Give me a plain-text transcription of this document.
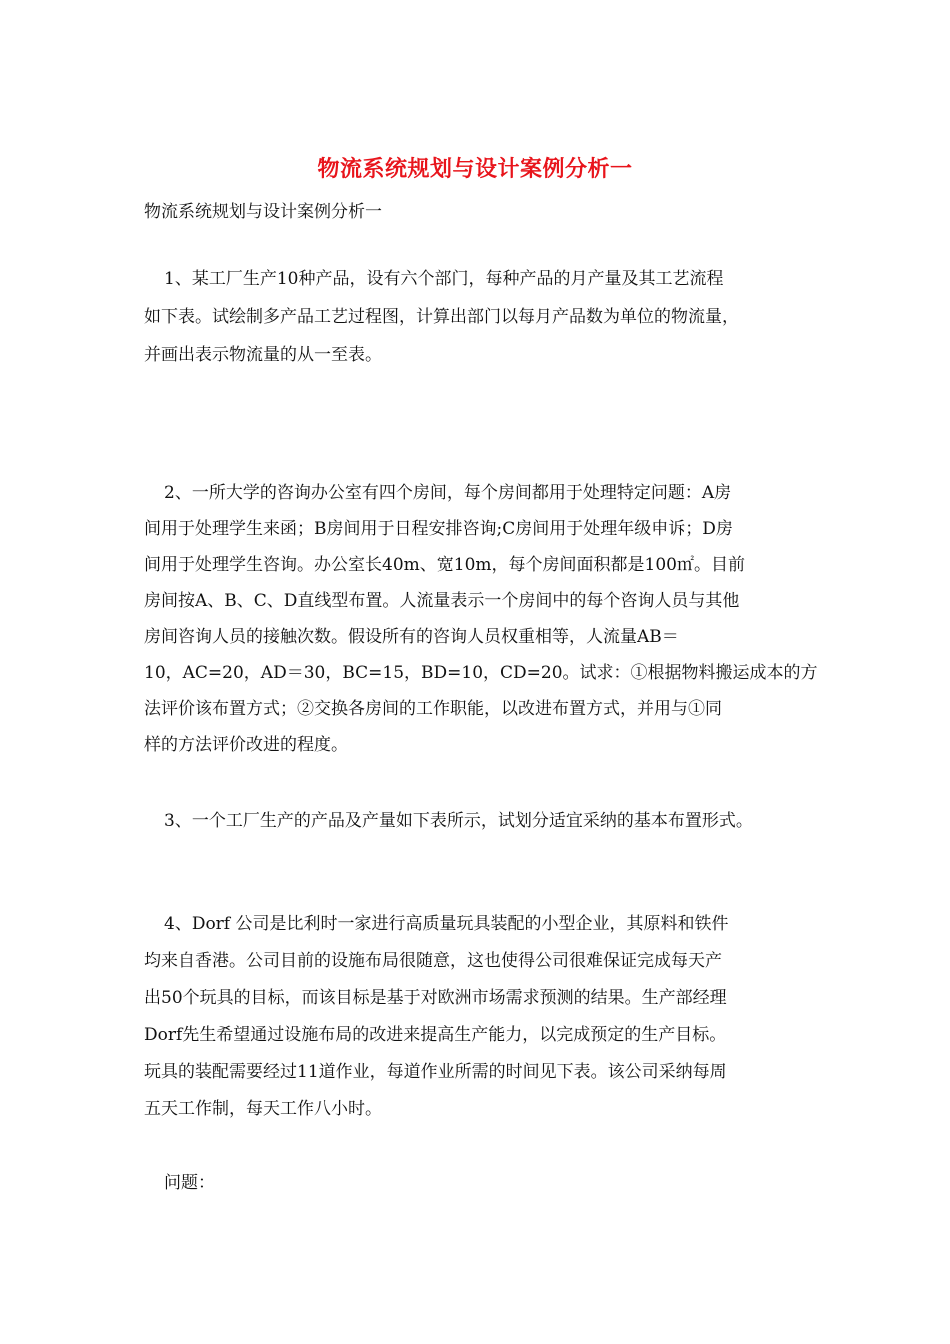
物流系统规划与设计案例分析一
物流系统规划与设计案例分析一
1、某工厂生产10种产品，设有六个部门，每种产品的月产量及其工艺流程
如下表。试绘制多产品工艺过程图，计算出部门以每月产品数为单位的物流量，
并画出表示物流量的从一至表。
2、一所大学的咨询办公室有四个房间，每个房间都用于处理特定问题：A房
间用于处理学生来函；B房间用于日程安排咨询;C房间用于处理年级申诉；D房
间用于处理学生咨询。办公室长40m、宽10m，每个房间面积都是100㎡。目前
房间按A、B、C、D直线型布置。人流量表示一个房间中的每个咨询人员与其他
房间咨询人员的接触次数。假设所有的咨询人员权重相等，人流量AB＝
10，AC=20，AD＝30，BC=15，BD=10，CD=20。试求：①根据物料搬运成本的方
法评价该布置方式；②交换各房间的工作职能，以改进布置方式，并用与①同
样的方法评价改进的程度。
3、一个工厂生产的产品及产量如下表所示，试划分适宜采纳的基本布置形式。
4、Dorf 公司是比利时一家进行高质量玩具装配的小型企业，其原料和铁件
均来自香港。公司目前的设施布局很随意，这也使得公司很难保证完成每天产
出50个玩具的目标，而该目标是基于对欧洲市场需求预测的结果。生产部经理
Dorf先生希望通过设施布局的改进来提高生产能力，以完成预定的生产目标。
玩具的装配需要经过11道作业，每道作业所需的时间见下表。该公司采纳每周
五天工作制，每天工作八小时。
问题：
